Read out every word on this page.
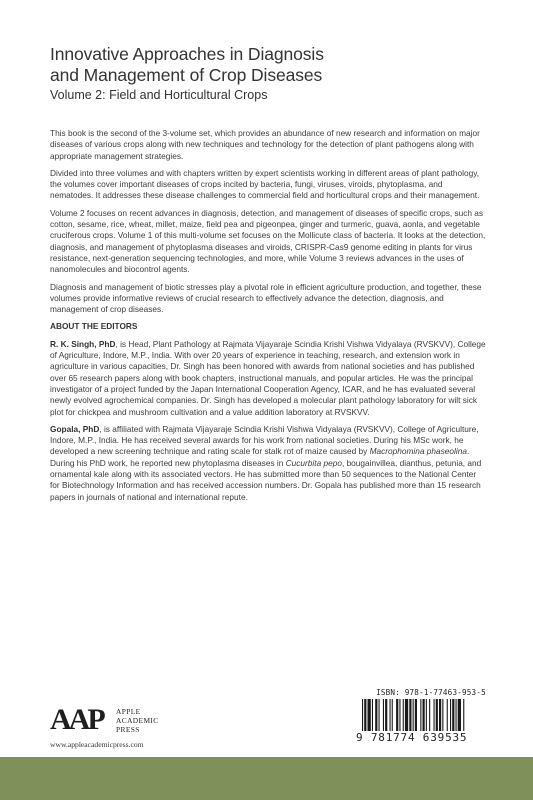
Innovative Approaches in Diagnosis
and Management of Crop Diseases
Volume 2: Field and Horticultural Crops

This book is the second of the 3-volume set, which provides an abundance of new research and information on major diseases of various crops along with new techniques and technology for the detection of plant pathogens along with appropriate management strategies.

Divided into three volumes and with chapters written by expert scientists working in different areas of plant pathology, the volumes cover important diseases of crops incited by bacteria, fungi, viruses, viroids, phytoplasma, and nematodes. It addresses these disease challenges to commercial field and horticultural crops and their management.

Volume 2 focuses on recent advances in diagnosis, detection, and management of diseases of specific crops, such as cotton, sesame, rice, wheat, millet, maize, field pea and pigeonpea, ginger and turmeric, guava, aonla, and vegetable cruciferous crops. Volume 1 of this multi-volume set focuses on the Mollicute class of bacteria. It looks at the detection, diagnosis, and management of phytoplasma diseases and viroids, CRISPR-Cas9 genome editing in plants for virus resistance, next-generation sequencing technologies, and more, while Volume 3 reviews advances in the uses of nanomolecules and biocontrol agents.

Diagnosis and management of biotic stresses play a pivotal role in efficient agriculture production, and together, these volumes provide informative reviews of crucial research to effectively advance the detection, diagnosis, and management of crop diseases.

ABOUT THE EDITORS

R. K. Singh, PhD, is Head, Plant Pathology at Rajmata Vijayaraje Scindia Krishi Vishwa Vidyalaya (RVSKVV), College of Agriculture, Indore, M.P., India. With over 20 years of experience in teaching, research, and extension work in agriculture in various capacities, Dr. Singh has been honored with awards from national societies and has published over 65 research papers along with book chapters, instructional manuals, and popular articles. He was the principal investigator of a project funded by the Japan International Cooperation Agency, ICAR, and he has evaluated several newly evolved agrochemical companies. Dr. Singh has developed a molecular plant pathology laboratory for wilt sick plot for chickpea and mushroom cultivation and a value addition laboratory at RVSKVV.

Gopala, PhD, is affiliated with Rajmata Vijayaraje Scindia Krishi Vishwa Vidyalaya (RVSKVV), College of Agriculture, Indore, M.P., India. He has received several awards for his work from national societies. During his MSc work, he developed a new screening technique and rating scale for stalk rot of maize caused by Macrophomina phaseolina. During his PhD work, he reported new phytoplasma diseases in Cucurbita pepo, bougainvillea, dianthus, petunia, and ornamental kale along with its associated vectors. He has submitted more than 50 sequences to the National Center for Biotechnology Information and has received accession numbers. Dr. Gopala has published more than 15 research papers in journals of national and international repute.

AAP APPLE
ACADEMIC
PRESS
www.appleacademicpress.com
ISBN: 978-1-77463-953-5
9 781774 639535
